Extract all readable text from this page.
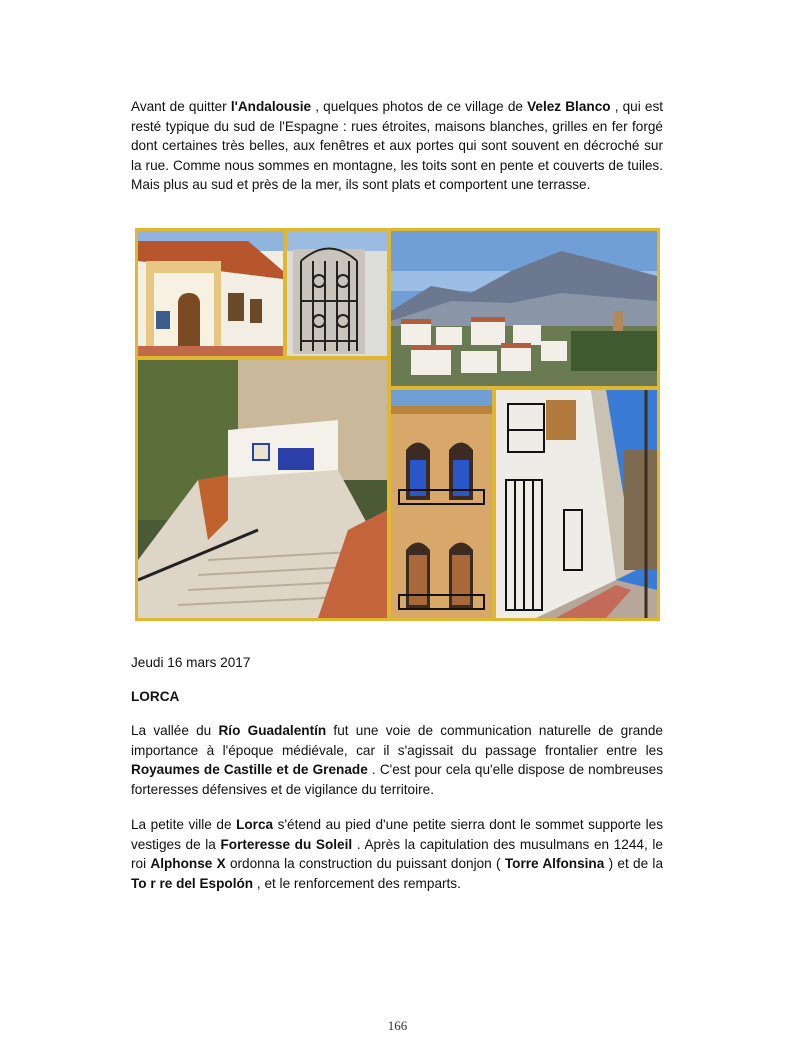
Avant de quitter l'Andalousie , quelques photos de ce village de Velez Blanco , qui est resté typique du sud de l'Espagne : rues étroites, maisons blanches, grilles en fer forgé dont certaines très belles, aux fenêtres et aux portes qui sont souvent en décroché sur la rue. Comme nous sommes en montagne, les toits sont en pente et couverts de tuiles. Mais plus au sud et près de la mer, ils sont plats et comportent une terrasse.

Jeudi 16 mars 2017

LORCA

La vallée du Río Guadalentín fut une voie de communication naturelle de grande importance à l'époque médiévale, car il s'agissait du passage frontalier entre les Royaumes de Castille et de Grenade . C'est pour cela qu'elle dispose de nombreuses forteresses défensives et de vigilance du territoire.

La petite ville de Lorca s'étend au pied d'une petite sierra dont le sommet supporte les vestiges de la Forteresse du Soleil . Après la capitulation des musulmans en 1244, le roi Alphonse X ordonna la construction du puissant donjon ( Torre Alfonsina ) et de la To r re del Espolón , et le renforcement des remparts.

166
